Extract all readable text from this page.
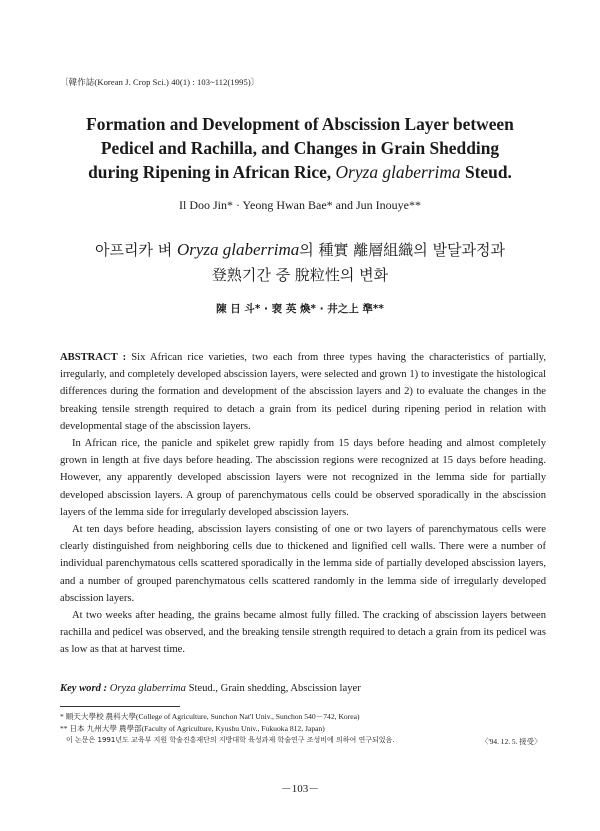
〔韓作誌(Korean J. Crop Sci.) 40(1) : 103~112(1995)〕
Formation and Development of Abscission Layer between
Pedicel and Rachilla, and Changes in Grain Shedding
during Ripening in African Rice, Oryza glaberrima Steud.
Il Doo Jin* · Yeong Hwan Bae* and Jun Inouye**
아프리카 벼 Oryza glaberrima의 種實 離層組織의 발달과정과
登熟기간 중 脫粒性의 변화
陳 日 斗* · 裵 英 煥* · 井之上 準**

ABSTRACT : Six African rice varieties, two each from three types having the characteristics of partially, irregularly, and completely developed abscission layers, were selected and grown 1) to investigate the histological differences during the formation and development of the abscission layers and 2) to evaluate the changes in the breaking tensile strength required to detach a grain from its pedicel during ripening period in relation with developmental stage of the abscission layers.

In African rice, the panicle and spikelet grew rapidly from 15 days before heading and almost completely grown in length at five days before heading. The abscission regions were recognized at 15 days before heading. However, any apparently developed abscission layers were not recognized in the lemma side for partially developed abscission layers. A group of parenchymatous cells could be observed sporadically in the abscission layers of the lemma side for irregularly developed abscission layers.

At ten days before heading, abscission layers consisting of one or two layers of parenchymatous cells were clearly distinguished from neighboring cells due to thickened and lignified cell walls. There were a number of individual parenchymatous cells scattered sporadically in the lemma side of partially developed abscission layers, and a number of grouped parenchymatous cells scattered randomly in the lemma side of irregularly developed abscission layers.

At two weeks after heading, the grains became almost fully filled. The cracking of abscission layers between rachilla and pedicel was observed, and the breaking tensile strength required to detach a grain from its pedicel was as low as that at harvest time.

Key word : Oryza glaberrima Steud., Grain shedding, Abscission layer
* 順天大學校 農科大學(College of Agriculture, Sunchon Nat'l Univ., Sunchon 540－742, Korea)
** 日本 九州大學 農學部(Faculty of Agriculture, Kyushu Univ., Fukuoka 812, Japan)
이 논문은 1991년도 교육부 지원 학술진흥재단의 지방대학 육성과제 학술연구 조성비에 의하여 연구되었음.	〈'94. 12. 5. 接受〉
－103－
